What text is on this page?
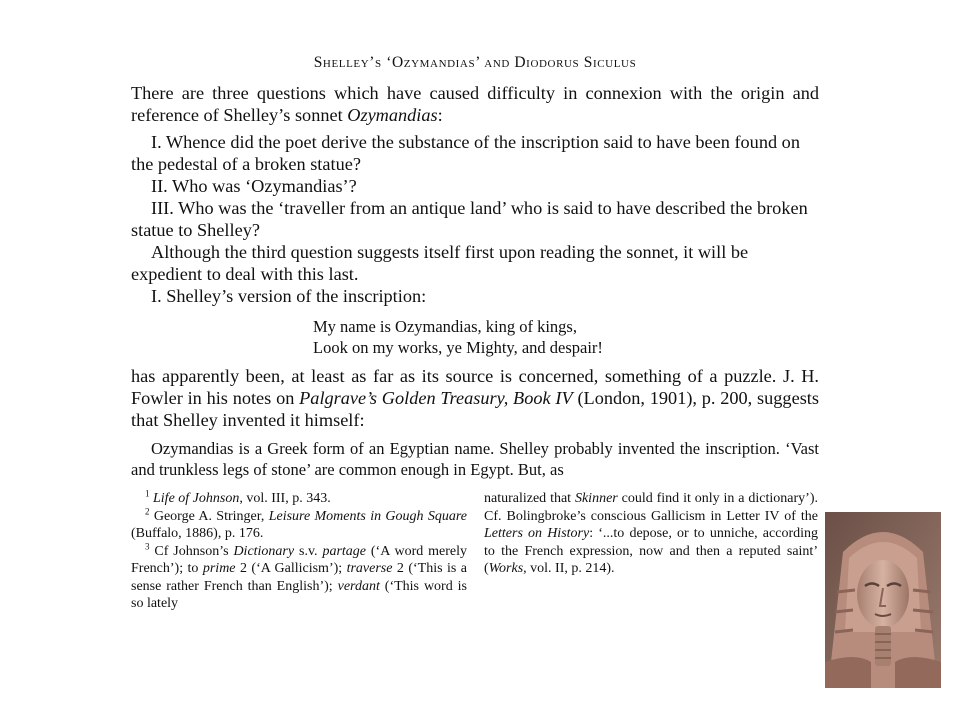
Shelley’s ‘Ozymandias’ and Diodorus Siculus
There are three questions which have caused difficulty in connexion with the origin and reference of Shelley’s sonnet Ozymandias:
I. Whence did the poet derive the substance of the inscription said to have been found on the pedestal of a broken statue?
II. Who was ‘Ozymandias’?
III. Who was the ‘traveller from an antique land’ who is said to have described the broken statue to Shelley?
Although the third question suggests itself first upon reading the sonnet, it will be expedient to deal with this last.
I. Shelley’s version of the inscription:
My name is Ozymandias, king of kings,
Look on my works, ye Mighty, and despair!
has apparently been, at least as far as its source is concerned, something of a puzzle. J. H. Fowler in his notes on Palgrave’s Golden Treasury, Book IV (London, 1901), p. 200, suggests that Shelley invented it himself:
Ozymandias is a Greek form of an Egyptian name. Shelley probably invented the inscription. ‘Vast and trunkless legs of stone’ are common enough in Egypt. But, as

$^1$ Life of Johnson, vol. III, p. 343.

$^2$ George A. Stringer, Leisure Moments in Gough Square (Buffalo, 1886), p. 176.

$^3$ Cf Johnson’s Dictionary s.v. partage (‘A word merely French’); to prime 2 (‘A Gallicism’); traverse 2 (‘This is a sense rather French than English’); verdant (‘This word is so lately

naturalized that Skinner could find it only in a dictionary’). Cf. Bolingbroke’s conscious Gallicism in Letter IV of the Letters on History: ‘...to depose, or to unniche, according to the French expression, now and then a reputed saint’ (Works, vol. II, p. 214).
